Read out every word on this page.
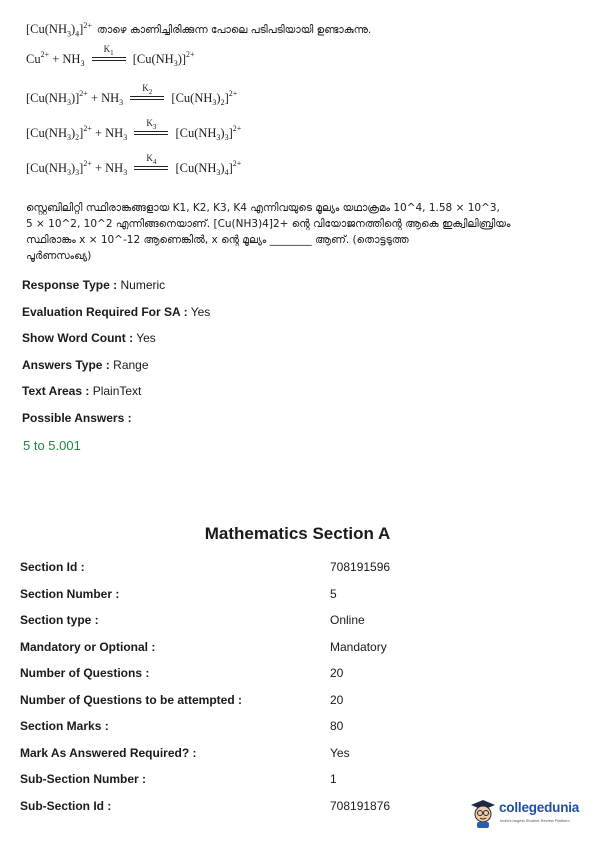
$[Cu(NH_3)_4]^{2+}$ താഴെ കാണിച്ചിരിക്കുന്ന പോലെ പടിപടിയായി ഉണ്ടാകുന്നു.
$Cu^{2+} + NH_3$
$K_1$	$[Cu(NH_3)]^{2+}$
$[Cu(NH_3)]^{2+} + NH_3$
$K_2$	$[Cu(NH_3)_2]^{2+}$
$[Cu(NH_3)_2]^{2+} + NH_3$
$K_3$	$[Cu(NH_3)_3]^{2+}$
$[Cu(NH_3)_3]^{2+} + NH_3$
$K_4$	$[Cu(NH_3)_4]^{2+}$
സ്റ്റെബിലിറ്റി സ്ഥിരാങ്കങ്ങളായ K1, K2, K3, K4 എന്നിവയുടെ മൂല്യം യഥാക്രമം 10^4, 1.58 × 10^3,
5 × 10^2, 10^2 എന്നിങ്ങനെയാണ്. [Cu(NH3)4]2+ ന്റെ വിയോജനത്തിന്റെ ആകെ ഇക്വിലിബ്രിയം
സ്ഥിരാങ്കം x × 10^-12 ആണെങ്കിൽ, x ന്റെ മൂല്യം ________ ആണ്. (തൊട്ടടുത്ത
പൂർണസംഖ്യ)
Response Type : Numeric
Evaluation Required For SA : Yes
Show Word Count : Yes
Answers Type : Range
Text Areas : PlainText
Possible Answers :
5 to 5.001
Mathematics Section A
Section Id :	708191596
Section Number :	5
Section type :	Online
Mandatory or Optional :	Mandatory
Number of Questions :	20
Number of Questions to be attempted :	20
Section Marks :	80
Mark As Answered Required? :	Yes
Sub-Section Number :	1
Sub-Section Id :	708191876	collegedunia
India's largest Student Review Platform
